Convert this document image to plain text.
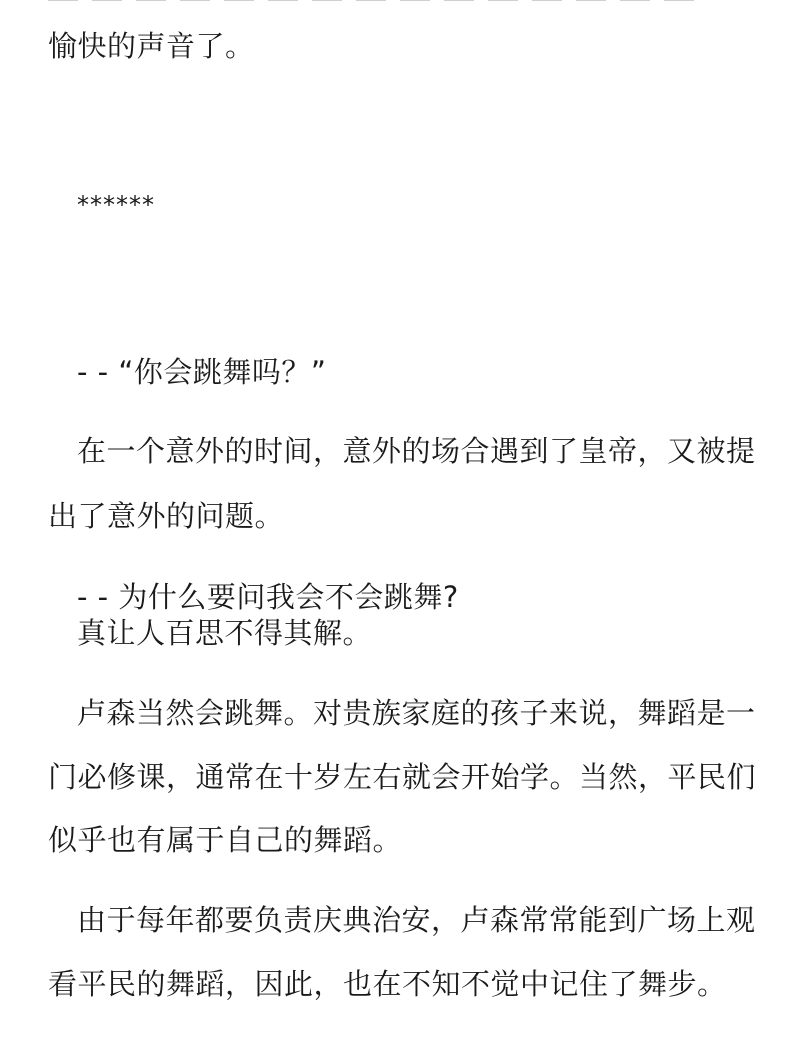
愉快的声音了。
******
- - “你会跳舞吗？”
在一个意外的时间，意外的场合遇到了皇帝，又被提
出了意外的问题。
- - 为什么要问我会不会跳舞?
真让人百思不得其解。
卢森当然会跳舞。对贵族家庭的孩子来说，舞蹈是一
门必修课，通常在十岁左右就会开始学。当然，平民们
似乎也有属于自己的舞蹈。
由于每年都要负责庆典治安，卢森常常能到广场上观
看平民的舞蹈，因此，也在不知不觉中记住了舞步。
